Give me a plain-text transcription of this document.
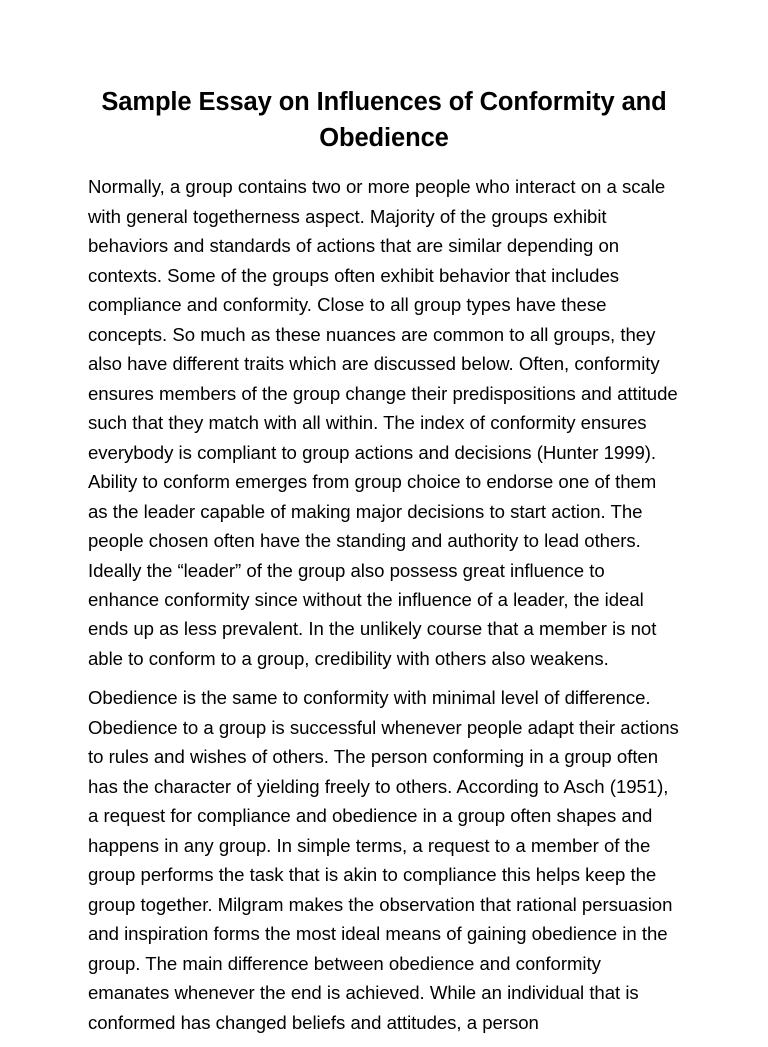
Sample Essay on Influences of Conformity and Obedience

Normally, a group contains two or more people who interact on a scale with general togetherness aspect. Majority of the groups exhibit behaviors and standards of actions that are similar depending on contexts. Some of the groups often exhibit behavior that includes compliance and conformity. Close to all group types have these concepts. So much as these nuances are common to all groups, they also have different traits which are discussed below. Often, conformity ensures members of the group change their predispositions and attitude such that they match with all within. The index of conformity ensures everybody is compliant to group actions and decisions (Hunter 1999). Ability to conform emerges from group choice to endorse one of them as the leader capable of making major decisions to start action. The people chosen often have the standing and authority to lead others. Ideally the “leader” of the group also possess great influence to enhance conformity since without the influence of a leader, the ideal ends up as less prevalent. In the unlikely course that a member is not able to conform to a group, credibility with others also weakens.

Obedience is the same to conformity with minimal level of difference. Obedience to a group is successful whenever people adapt their actions to rules and wishes of others. The person conforming in a group often has the character of yielding freely to others. According to Asch (1951), a request for compliance and obedience in a group often shapes and happens in any group. In simple terms, a request to a member of the group performs the task that is akin to compliance this helps keep the group together. Milgram makes the observation that rational persuasion and inspiration forms the most ideal means of gaining obedience in the group. The main difference between obedience and conformity emanates whenever the end is achieved. While an individual that is conformed has changed beliefs and attitudes, a person
